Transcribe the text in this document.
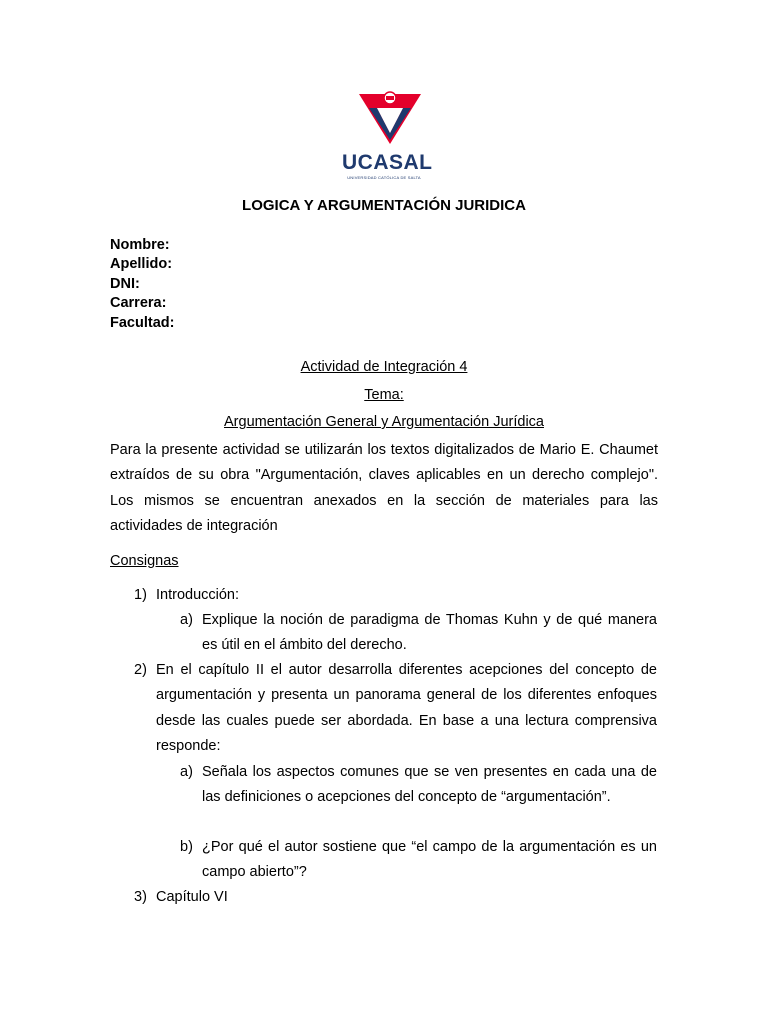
UCASAL
UNIVERSIDAD CATÓLICA DE SALTA
LOGICA Y ARGUMENTACIÓN JURIDICA
Nombre:
Apellido:
DNI:
Carrera:
Facultad:
Actividad de Integración 4
Tema:
Argumentación General y Argumentación Jurídica
Para la presente actividad se utilizarán los textos digitalizados de Mario E. Chaumet extraídos de su obra "Argumentación, claves aplicables en un derecho complejo". Los mismos se encuentran anexados en la sección de materiales para las actividades de integración
Consignas
1) Introducción:
a) Explique la noción de paradigma de Thomas Kuhn y de qué manera es útil en el ámbito del derecho.
2) En el capítulo II el autor desarrolla diferentes acepciones del concepto de argumentación y presenta un panorama general de los diferentes enfoques desde las cuales puede ser abordada. En base a una lectura comprensiva responde:
a) Señala los aspectos comunes que se ven presentes en cada una de las definiciones o acepciones del concepto de “argumentación”.
b) ¿Por qué el autor sostiene que “el campo de la argumentación es un campo abierto”?
3) Capítulo VI
